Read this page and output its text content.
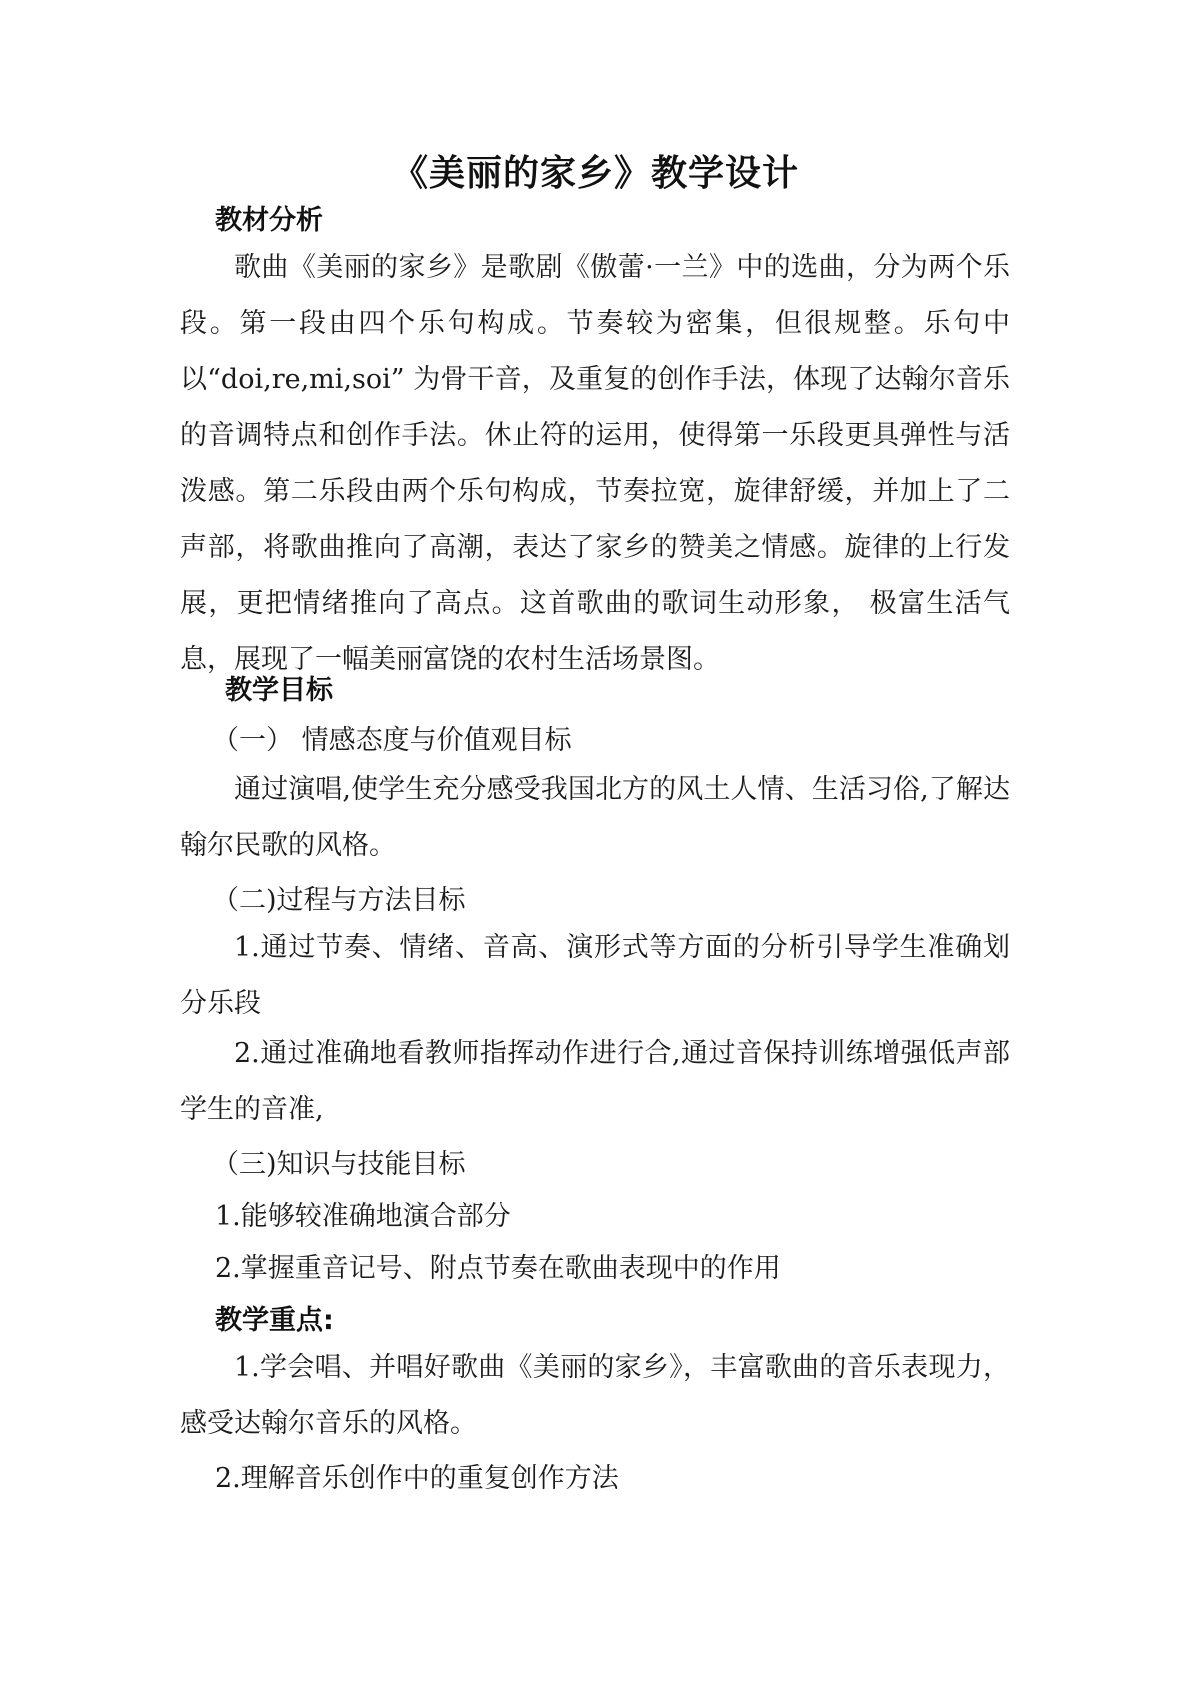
《美丽的家乡》教学设计
教材分析

歌曲《美丽的家乡》是歌剧《傲蕾·一兰》中的选曲，分为两个乐段。第一段由四个乐句构成。节奏较为密集，但很规整。乐句中以“doi,re,mi,soi” 为骨干音，及重复的创作手法，体现了达翰尔音乐的音调特点和创作手法。休止符的运用，使得第一乐段更具弹性与活泼感。第二乐段由两个乐句构成，节奏拉宽，旋律舒缓，并加上了二声部，将歌曲推向了高潮，表达了家乡的赞美之情感。旋律的上行发展，更把情绪推向了高点。这首歌曲的歌词生动形象， 极富生活气息，展现了一幅美丽富饶的农村生活场景图。

教学目标
（一） 情感态度与价值观目标

通过演唱,使学生充分感受我国北方的风土人情、生活习俗,了解达翰尔民歌的风格。

（二)过程与方法目标

1.通过节奏、情绪、音高、演形式等方面的分析引导学生准确划分乐段

2.通过准确地看教师指挥动作进行合,通过音保持训练增强低声部学生的音准,

（三)知识与技能目标
1.能够较准确地演合部分
2.掌握重音记号、附点节奏在歌曲表现中的作用
教学重点:

1.学会唱、并唱好歌曲《美丽的家乡》，丰富歌曲的音乐表现力，感受达翰尔音乐的风格。

2.理解音乐创作中的重复创作方法
